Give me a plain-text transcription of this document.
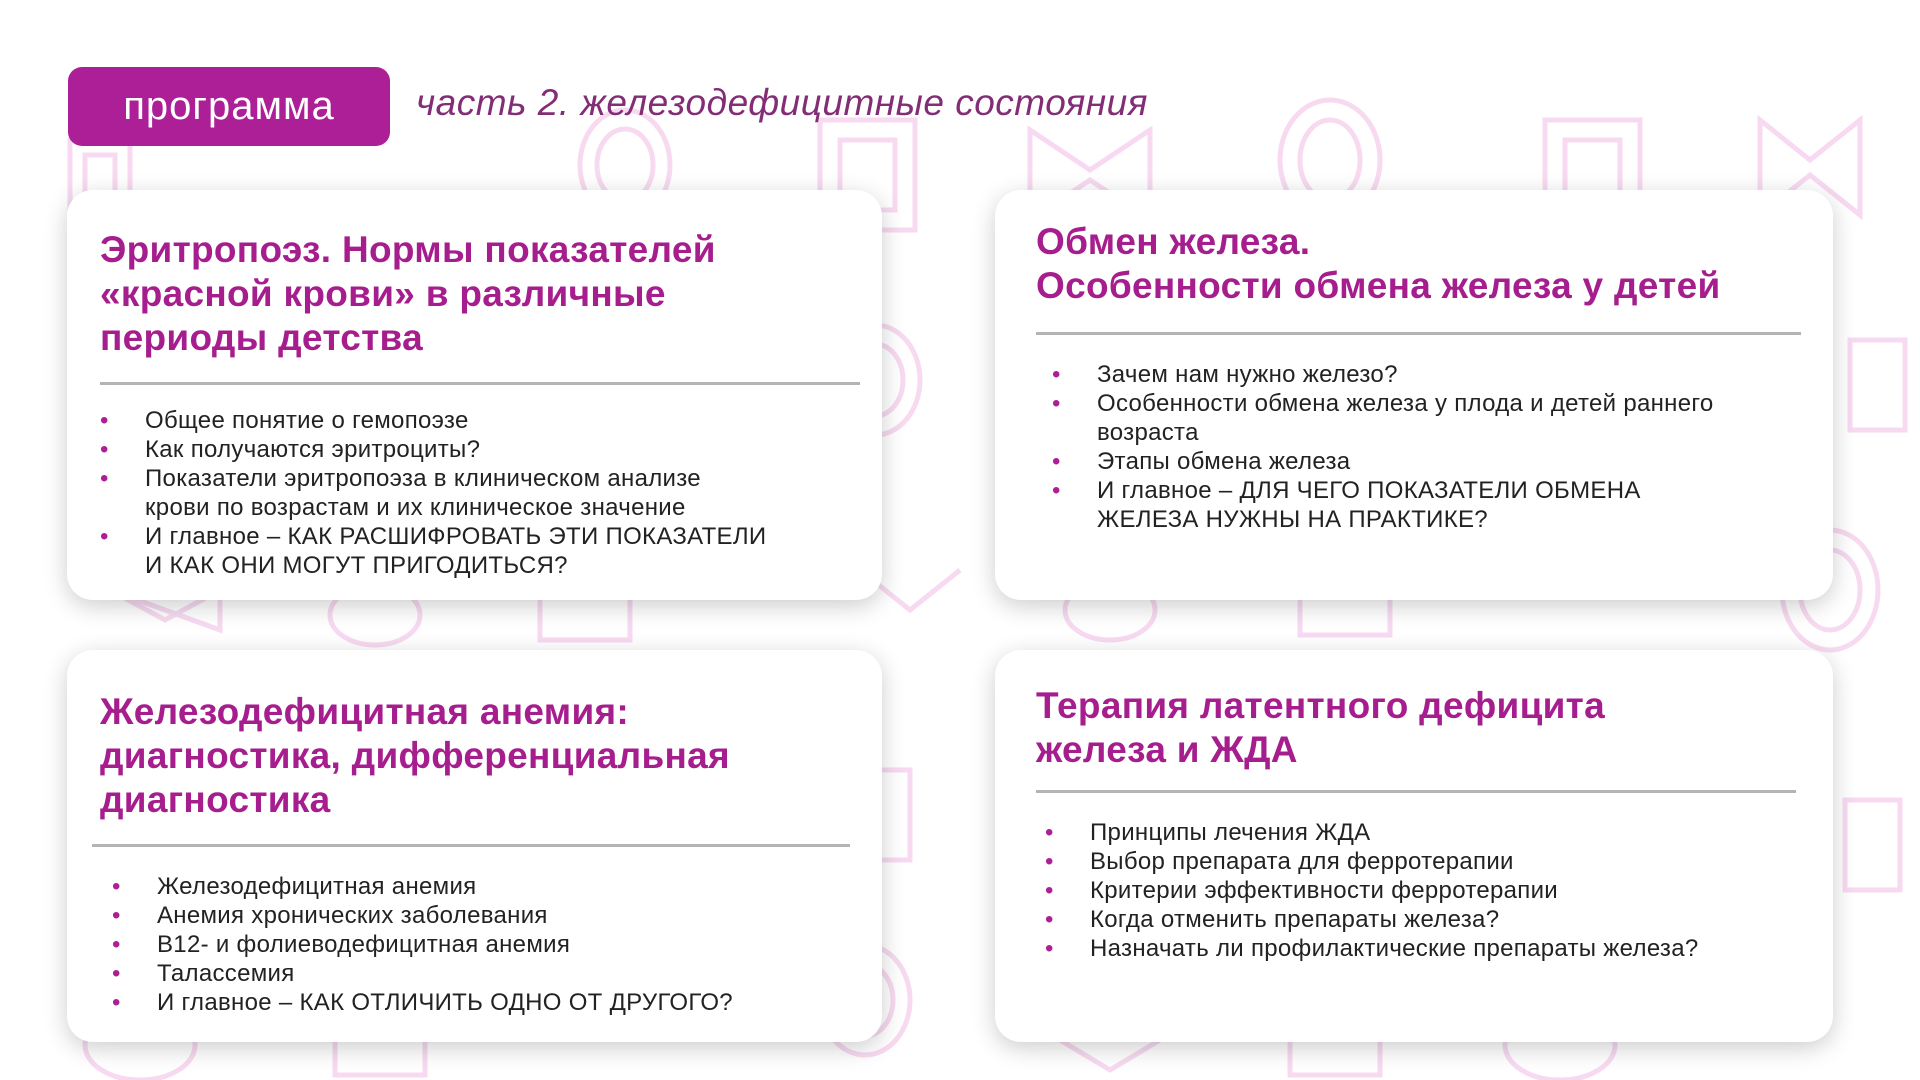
программа	часть 2. железодефицитные состояния
Эритропоэз. Нормы показателей
«красной крови» в различные
периоды детства
• Общее понятие о гемопоэзе
• Как получаются эритроциты?
• Показатели эритропоэза в клиническом анализе
крови по возрастам и их клиническое значение
• И главное – КАК РАСШИФРОВАТЬ ЭТИ ПОКАЗАТЕЛИ
И КАК ОНИ МОГУТ ПРИГОДИТЬСЯ?
Обмен железа.
Особенности обмена железа у детей
• Зачем нам нужно железо?
• Особенности обмена железа у плода и детей раннего
возраста
• Этапы обмена железа
• И главное – ДЛЯ ЧЕГО ПОКАЗАТЕЛИ ОБМЕНА
ЖЕЛЕЗА НУЖНЫ НА ПРАКТИКЕ?
Железодефицитная анемия:
диагностика, дифференциальная
диагностика
• Железодефицитная анемия
• Анемия хронических заболевания
• В12- и фолиеводефицитная анемия
• Талассемия
• И главное – КАК ОТЛИЧИТЬ ОДНО ОТ ДРУГОГО?
Терапия латентного дефицита
железа и ЖДА
• Принципы лечения ЖДА
• Выбор препарата для ферротерапии
• Критерии эффективности ферротерапии
• Когда отменить препараты железа?
• Назначать ли профилактические препараты железа?
